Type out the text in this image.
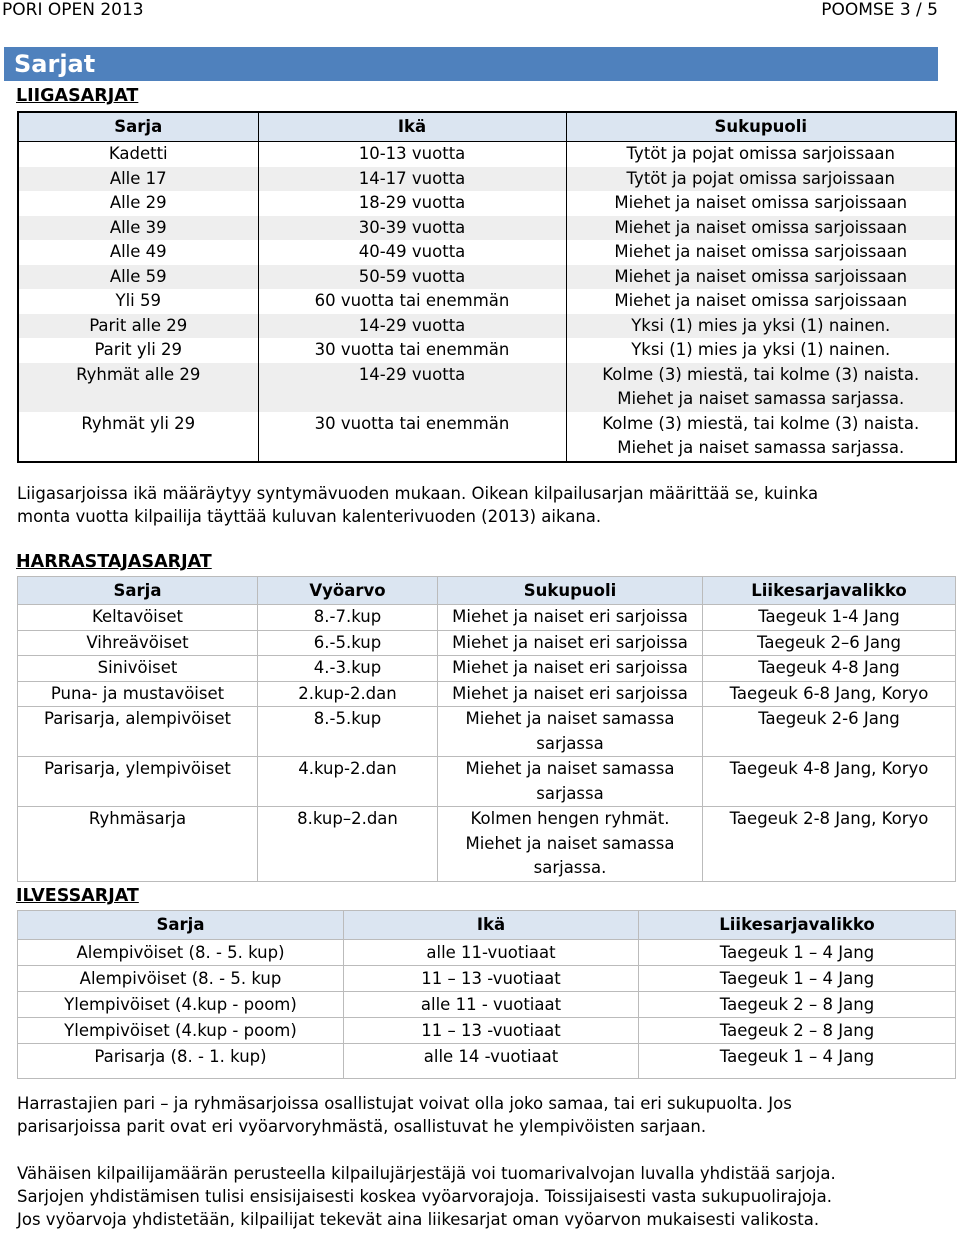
PORI OPEN 2013	POOMSE 3 / 5
Sarjat
LIIGASARJAT
Sarja	Ikä	Sukupuoli
Kadetti	10-13 vuotta	Tytöt ja pojat omissa sarjoissaan
Alle 17	14-17 vuotta	Tytöt ja pojat omissa sarjoissaan
Alle 29	18-29 vuotta	Miehet ja naiset omissa sarjoissaan
Alle 39	30-39 vuotta	Miehet ja naiset omissa sarjoissaan
Alle 49	40-49 vuotta	Miehet ja naiset omissa sarjoissaan
Alle 59	50-59 vuotta	Miehet ja naiset omissa sarjoissaan
Yli 59	60 vuotta tai enemmän	Miehet ja naiset omissa sarjoissaan
Parit alle 29	14-29 vuotta	Yksi (1) mies ja yksi (1) nainen.
Parit yli 29	30 vuotta tai enemmän	Yksi (1) mies ja yksi (1) nainen.
Ryhmät alle 29	14-29 vuotta	Kolme (3) miestä, tai kolme (3) naista.
Miehet ja naiset samassa sarjassa.

Ryhmät yli 29	30 vuotta tai enemmän	Kolme (3) miestä, tai kolme (3) naista.
Miehet ja naiset samassa sarjassa.
Liigasarjoissa ikä määräytyy syntymävuoden mukaan. Oikean kilpailusarjan määrittää se, kuinka
monta vuotta kilpailija täyttää kuluvan kalenterivuoden (2013) aikana.
HARRASTAJASARJAT
Sarja	Vyöarvo	Sukupuoli	Liikesarjavalikko
Keltavöiset	8.-7.kup	Miehet ja naiset eri sarjoissa	Taegeuk 1-4 Jang
Vihreävöiset	6.-5.kup	Miehet ja naiset eri sarjoissa	Taegeuk 2–6 Jang
Sinivöiset	4.-3.kup	Miehet ja naiset eri sarjoissa	Taegeuk 4-8 Jang
Puna- ja mustavöiset	2.kup-2.dan	Miehet ja naiset eri sarjoissa	Taegeuk 6-8 Jang, Koryo
Parisarja, alempivöiset	8.-5.kup	Miehet ja naiset samassa sarjassa	Taegeuk 2-6 Jang
Parisarja, ylempivöiset	4.kup-2.dan	Miehet ja naiset samassa sarjassa	Taegeuk 4-8 Jang, Koryo
Ryhmäsarja	8.kup–2.dan	Kolmen hengen ryhmät. Miehet ja naiset samassa sarjassa.	Taegeuk 2-8 Jang, Koryo
ILVESSARJAT
Sarja	Ikä	Liikesarjavalikko
Alempivöiset (8. - 5. kup)	alle 11-vuotiaat	Taegeuk 1 – 4 Jang
Alempivöiset (8. - 5. kup	11 – 13 -vuotiaat	Taegeuk 1 – 4 Jang
Ylempivöiset (4.kup - poom)	alle 11 - vuotiaat	Taegeuk 2 – 8 Jang
Ylempivöiset (4.kup - poom)	11 – 13 -vuotiaat	Taegeuk 2 – 8 Jang
Parisarja (8. - 1. kup)	alle 14 -vuotiaat	Taegeuk 1 – 4 Jang
Harrastajien pari – ja ryhmäsarjoissa osallistujat voivat olla joko samaa, tai eri sukupuolta. Jos
parisarjoissa parit ovat eri vyöarvoryhmästä, osallistuvat he ylempivöisten sarjaan.
Vähäisen kilpailijamäärän perusteella kilpailujärjestäjä voi tuomarivalvojan luvalla yhdistää sarjoja.
Sarjojen yhdistämisen tulisi ensisijaisesti koskea vyöarvorajoja. Toissijaisesti vasta sukupuolirajoja.
Jos vyöarvoja yhdistetään, kilpailijat tekevät aina liikesarjat oman vyöarvon mukaisesti valikosta.
